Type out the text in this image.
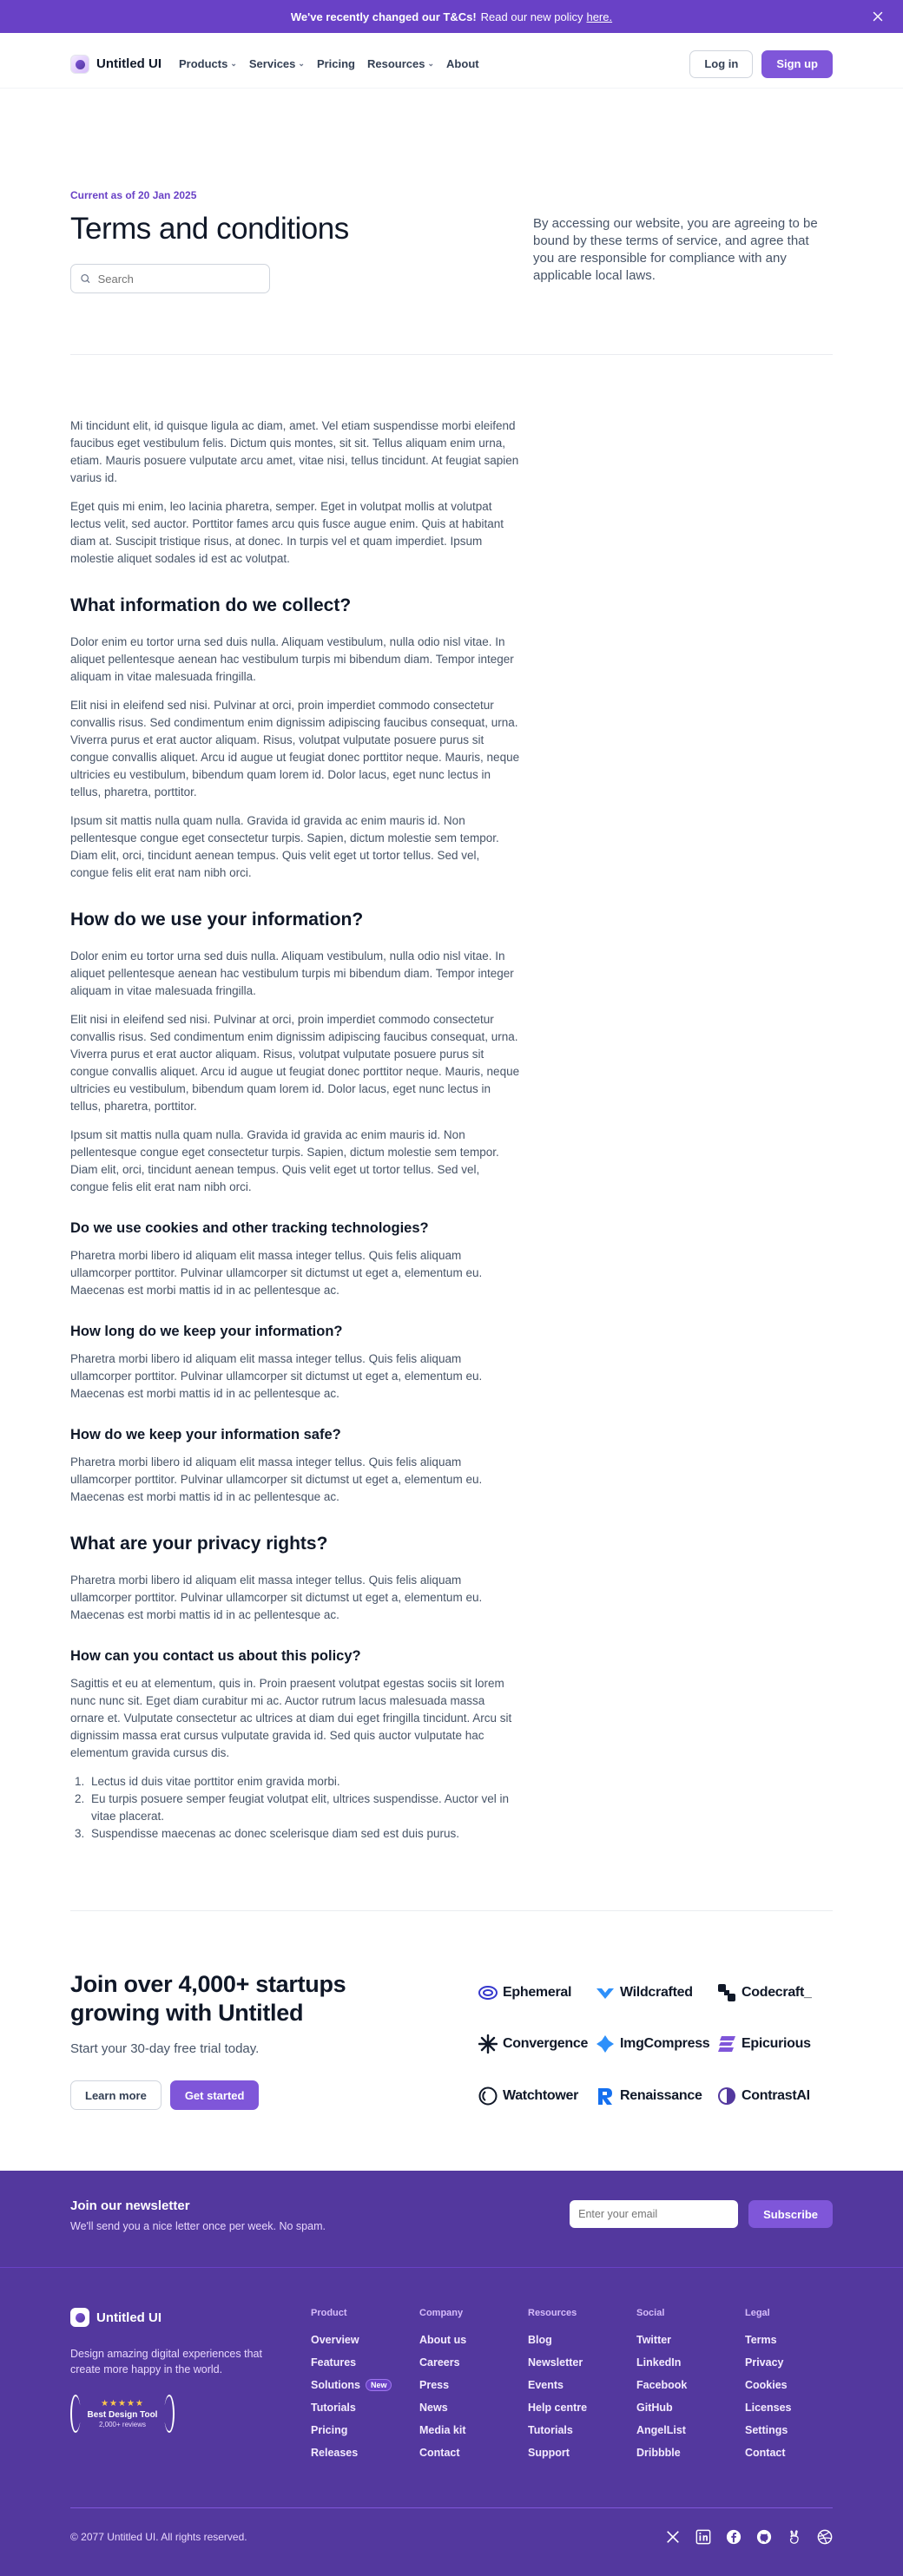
We've recently changed our T&Cs! Read our new policy here.
Untitled UI Products ⌄ Services ⌄ Pricing Resources ⌄ About	Log in	Sign up
Current as of 20 Jan 2025
Terms and conditions
Search	By accessing our website, you are agreeing to be bound by these terms of service, and agree that you are responsible for compliance with any applicable local laws.

Mi tincidunt elit, id quisque ligula ac diam, amet. Vel etiam suspendisse morbi eleifend faucibus eget vestibulum felis. Dictum quis montes, sit sit. Tellus aliquam enim urna, etiam. Mauris posuere vulputate arcu amet, vitae nisi, tellus tincidunt. At feugiat sapien varius id.

Eget quis mi enim, leo lacinia pharetra, semper. Eget in volutpat mollis at volutpat lectus velit, sed auctor. Porttitor fames arcu quis fusce augue enim. Quis at habitant diam at. Suscipit tristique risus, at donec. In turpis vel et quam imperdiet. Ipsum molestie aliquet sodales id est ac volutpat.

What information do we collect?

Dolor enim eu tortor urna sed duis nulla. Aliquam vestibulum, nulla odio nisl vitae. In aliquet pellentesque aenean hac vestibulum turpis mi bibendum diam. Tempor integer aliquam in vitae malesuada fringilla.

Elit nisi in eleifend sed nisi. Pulvinar at orci, proin imperdiet commodo consectetur convallis risus. Sed condimentum enim dignissim adipiscing faucibus consequat, urna. Viverra purus et erat auctor aliquam. Risus, volutpat vulputate posuere purus sit congue convallis aliquet. Arcu id augue ut feugiat donec porttitor neque. Mauris, neque ultricies eu vestibulum, bibendum quam lorem id. Dolor lacus, eget nunc lectus in tellus, pharetra, porttitor.

Ipsum sit mattis nulla quam nulla. Gravida id gravida ac enim mauris id. Non pellentesque congue eget consectetur turpis. Sapien, dictum molestie sem tempor. Diam elit, orci, tincidunt aenean tempus. Quis velit eget ut tortor tellus. Sed vel, congue felis elit erat nam nibh orci.

How do we use your information?

Dolor enim eu tortor urna sed duis nulla. Aliquam vestibulum, nulla odio nisl vitae. In aliquet pellentesque aenean hac vestibulum turpis mi bibendum diam. Tempor integer aliquam in vitae malesuada fringilla.

Elit nisi in eleifend sed nisi. Pulvinar at orci, proin imperdiet commodo consectetur convallis risus. Sed condimentum enim dignissim adipiscing faucibus consequat, urna. Viverra purus et erat auctor aliquam. Risus, volutpat vulputate posuere purus sit congue convallis aliquet. Arcu id augue ut feugiat donec porttitor neque. Mauris, neque ultricies eu vestibulum, bibendum quam lorem id. Dolor lacus, eget nunc lectus in tellus, pharetra, porttitor.

Ipsum sit mattis nulla quam nulla. Gravida id gravida ac enim mauris id. Non pellentesque congue eget consectetur turpis. Sapien, dictum molestie sem tempor. Diam elit, orci, tincidunt aenean tempus. Quis velit eget ut tortor tellus. Sed vel, congue felis elit erat nam nibh orci.

Do we use cookies and other tracking technologies?

Pharetra morbi libero id aliquam elit massa integer tellus. Quis felis aliquam ullamcorper porttitor. Pulvinar ullamcorper sit dictumst ut eget a, elementum eu. Maecenas est morbi mattis id in ac pellentesque ac.

How long do we keep your information?

Pharetra morbi libero id aliquam elit massa integer tellus. Quis felis aliquam ullamcorper porttitor. Pulvinar ullamcorper sit dictumst ut eget a, elementum eu. Maecenas est morbi mattis id in ac pellentesque ac.

How do we keep your information safe?

Pharetra morbi libero id aliquam elit massa integer tellus. Quis felis aliquam ullamcorper porttitor. Pulvinar ullamcorper sit dictumst ut eget a, elementum eu. Maecenas est morbi mattis id in ac pellentesque ac.

What are your privacy rights?

Pharetra morbi libero id aliquam elit massa integer tellus. Quis felis aliquam ullamcorper porttitor. Pulvinar ullamcorper sit dictumst ut eget a, elementum eu. Maecenas est morbi mattis id in ac pellentesque ac.

How can you contact us about this policy?

Sagittis et eu at elementum, quis in. Proin praesent volutpat egestas sociis sit lorem nunc nunc sit. Eget diam curabitur mi ac. Auctor rutrum lacus malesuada massa ornare et. Vulputate consectetur ac ultrices at diam dui eget fringilla tincidunt. Arcu sit dignissim massa erat cursus vulputate gravida id. Sed quis auctor vulputate hac elementum gravida cursus dis.

1. Lectus id duis vitae porttitor enim gravida morbi.
2. Eu turpis posuere semper feugiat volutpat elit, ultrices suspendisse. Auctor vel in vitae placerat.
3. Suspendisse maecenas ac donec scelerisque diam sed est duis purus.
Join over 4,000+ startups growing with Untitled

Start your 30-day free trial today.

Learn more	Get started
Ephemeral	Wildcrafted	Codecraft_
Convergence ImgCompress Epicurious
Watchtower	Renaissance	ContrastAI
Join our newsletter

We'll send you a nice letter once per week. No spam.

Enter your email
Subscribe
Untitled UI

Design amazing digital experiences that create more happy in the world.

★★★★★
Best Design Tool
2,000+ reviews
Product
Overview
Features
Solutions	New
Tutorials
Pricing
Releases
Company
About us
Careers
Press
News
Media kit
Contact
Resources
Blog
Newsletter
Events
Help centre
Tutorials
Support
Social
Twitter
LinkedIn
Facebook
GitHub
AngelList
Dribbble
Legal
Terms
Privacy
Cookies
Licenses
Settings
Contact
© 2077 Untitled UI. All rights reserved.
